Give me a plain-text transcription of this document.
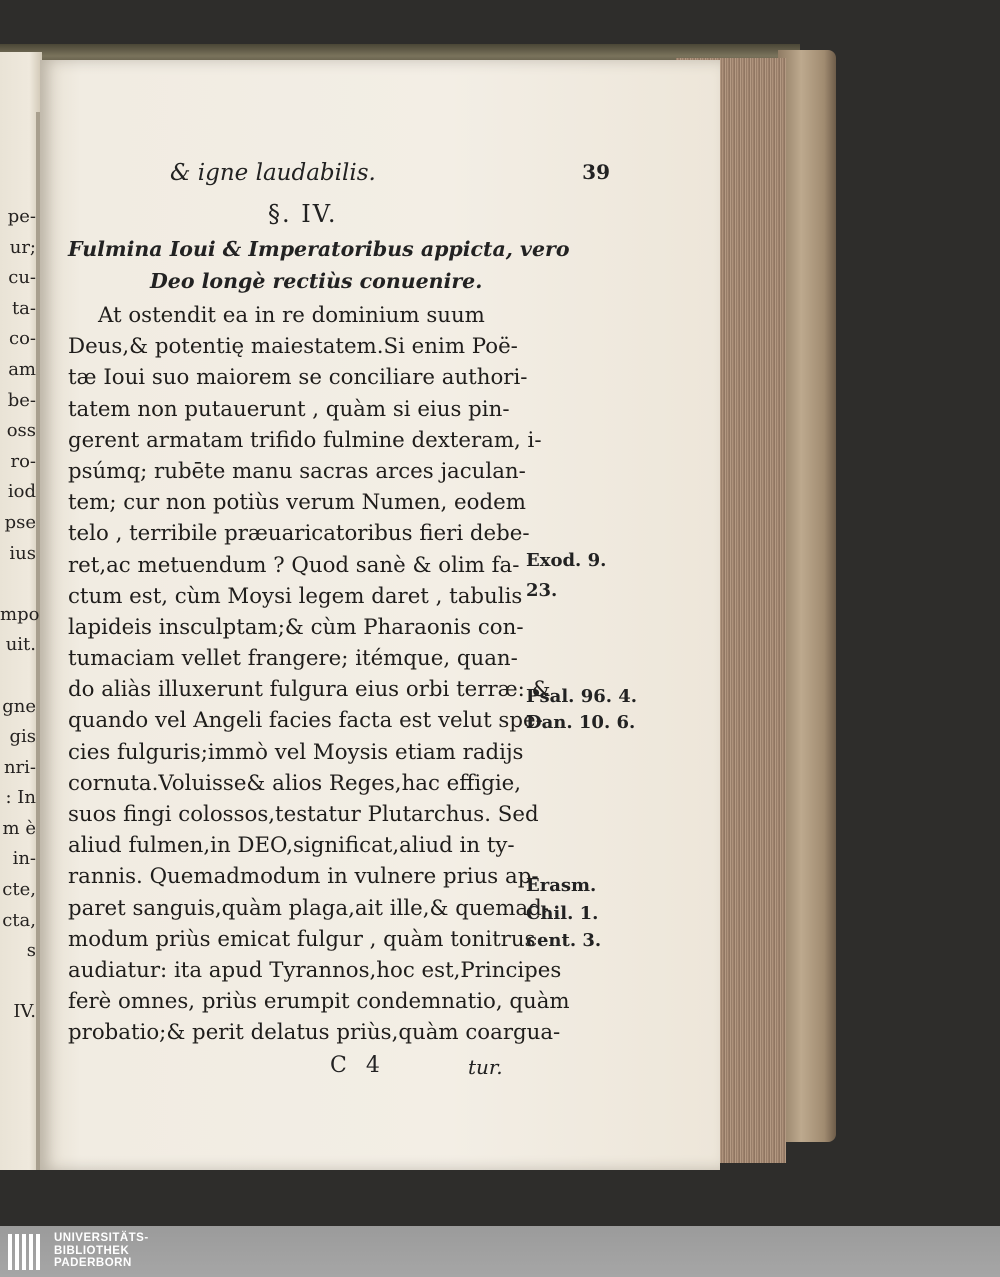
pe-
ur;
cu-
ta-
co-
am
be-
oss
ro-
iod
pse
ius
mpo
uit.
gne
gis
nri-
: In
m è
in-
cte,
cta,
s
IV.
& igne laudabilis.	39
§. IV.
Fulmina Ioui & Imperatoribus appicta, vero
Deo longè rectiùs conuenire.
At ostendit ea in re dominium suum
Deus,& potentię maiestatem.Si enim Poë-
tæ Ioui suo maiorem se conciliare authori-
tatem non putauerunt , quàm si eius pin-
gerent armatam trifido fulmine dexteram, i-
psúmq; rubēte manu sacras arces jaculan-
tem; cur non potiùs verum Numen, eodem
telo , terribile præuaricatoribus fieri debe-
ret,ac metuendum ? Quod sanè & olim fa-
ctum est, cùm Moysi legem daret , tabulis
lapideis insculptam;& cùm Pharaonis con-
tumaciam vellet frangere; itémque, quan-
do aliàs illuxerunt fulgura eius orbi terræ: &
quando vel Angeli facies facta est velut spe-
cies fulguris;immò vel Moysis etiam radijs
cornuta.Voluisse& alios Reges,hac effigie,
suos fingi colossos,testatur Plutarchus. Sed
aliud fulmen,in DEO,significat,aliud in ty-
rannis. Quemadmodum in vulnere prius ap-
paret sanguis,quàm plaga,ait ille,& quemad-
modum priùs emicat fulgur , quàm tonitrus
audiatur: ita apud Tyrannos,hoc est,Principes
ferè omnes, priùs erumpit condemnatio, quàm
probatio;& perit delatus priùs,quàm coargua-
Exod. 9.
23.
Psal. 96. 4.
Dan. 10. 6.
Erasm.
Chil. 1.
cent. 3.
C 4	tur.
UNIVERSITÄTS-
BIBLIOTHEK
PADERBORN
